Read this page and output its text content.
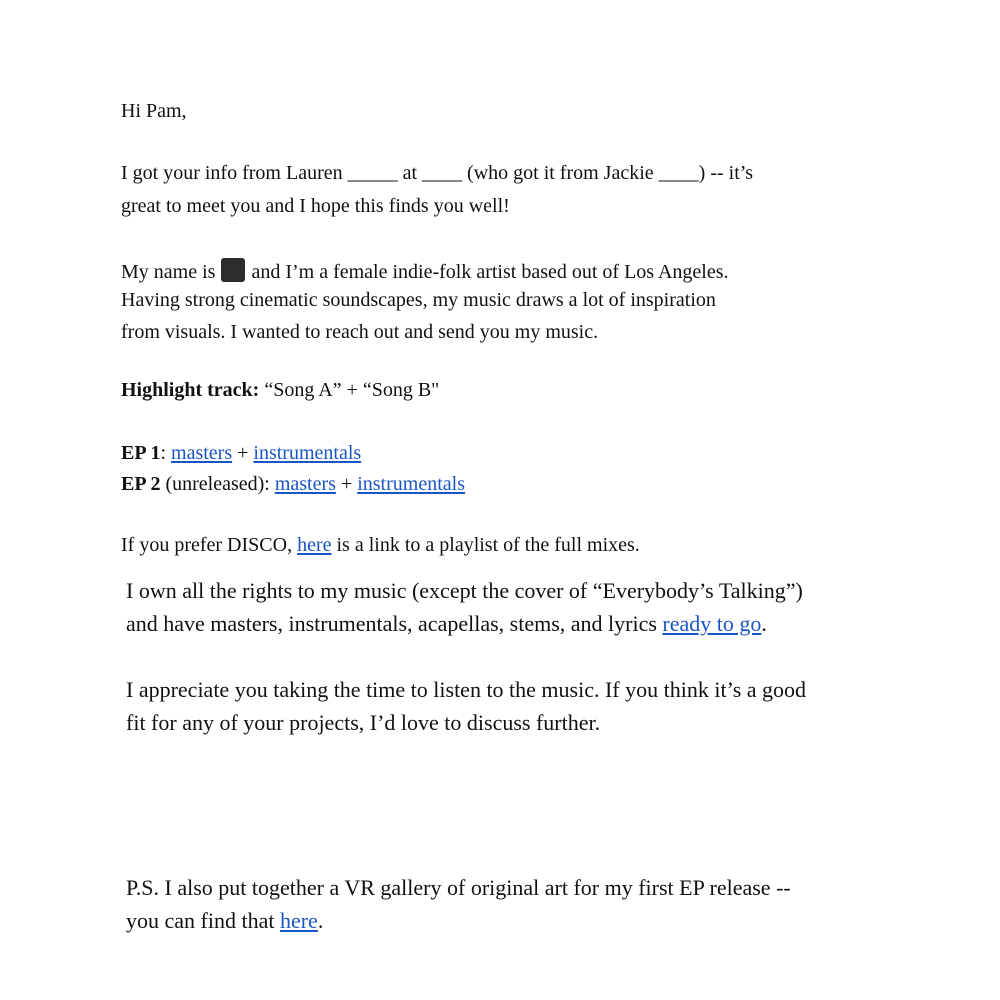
Hi Pam,
I got your info from Lauren _____ at ____ (who got it from Jackie ____) -- it’s
great to meet you and I hope this finds you well!
My name is and I’m a female indie-folk artist based out of Los Angeles.
Having strong cinematic soundscapes, my music draws a lot of inspiration
from visuals. I wanted to reach out and send you my music.
Highlight track: “Song A” + “Song B"
EP 1: masters + instrumentals
EP 2 (unreleased): masters + instrumentals
If you prefer DISCO, here is a link to a playlist of the full mixes.
I own all the rights to my music (except the cover of “Everybody’s Talking”)
and have masters, instrumentals, acapellas, stems, and lyrics ready to go.
I appreciate you taking the time to listen to the music. If you think it’s a good
fit for any of your projects, I’d love to discuss further.
P.S. I also put together a VR gallery of original art for my first EP release --
you can find that here.
